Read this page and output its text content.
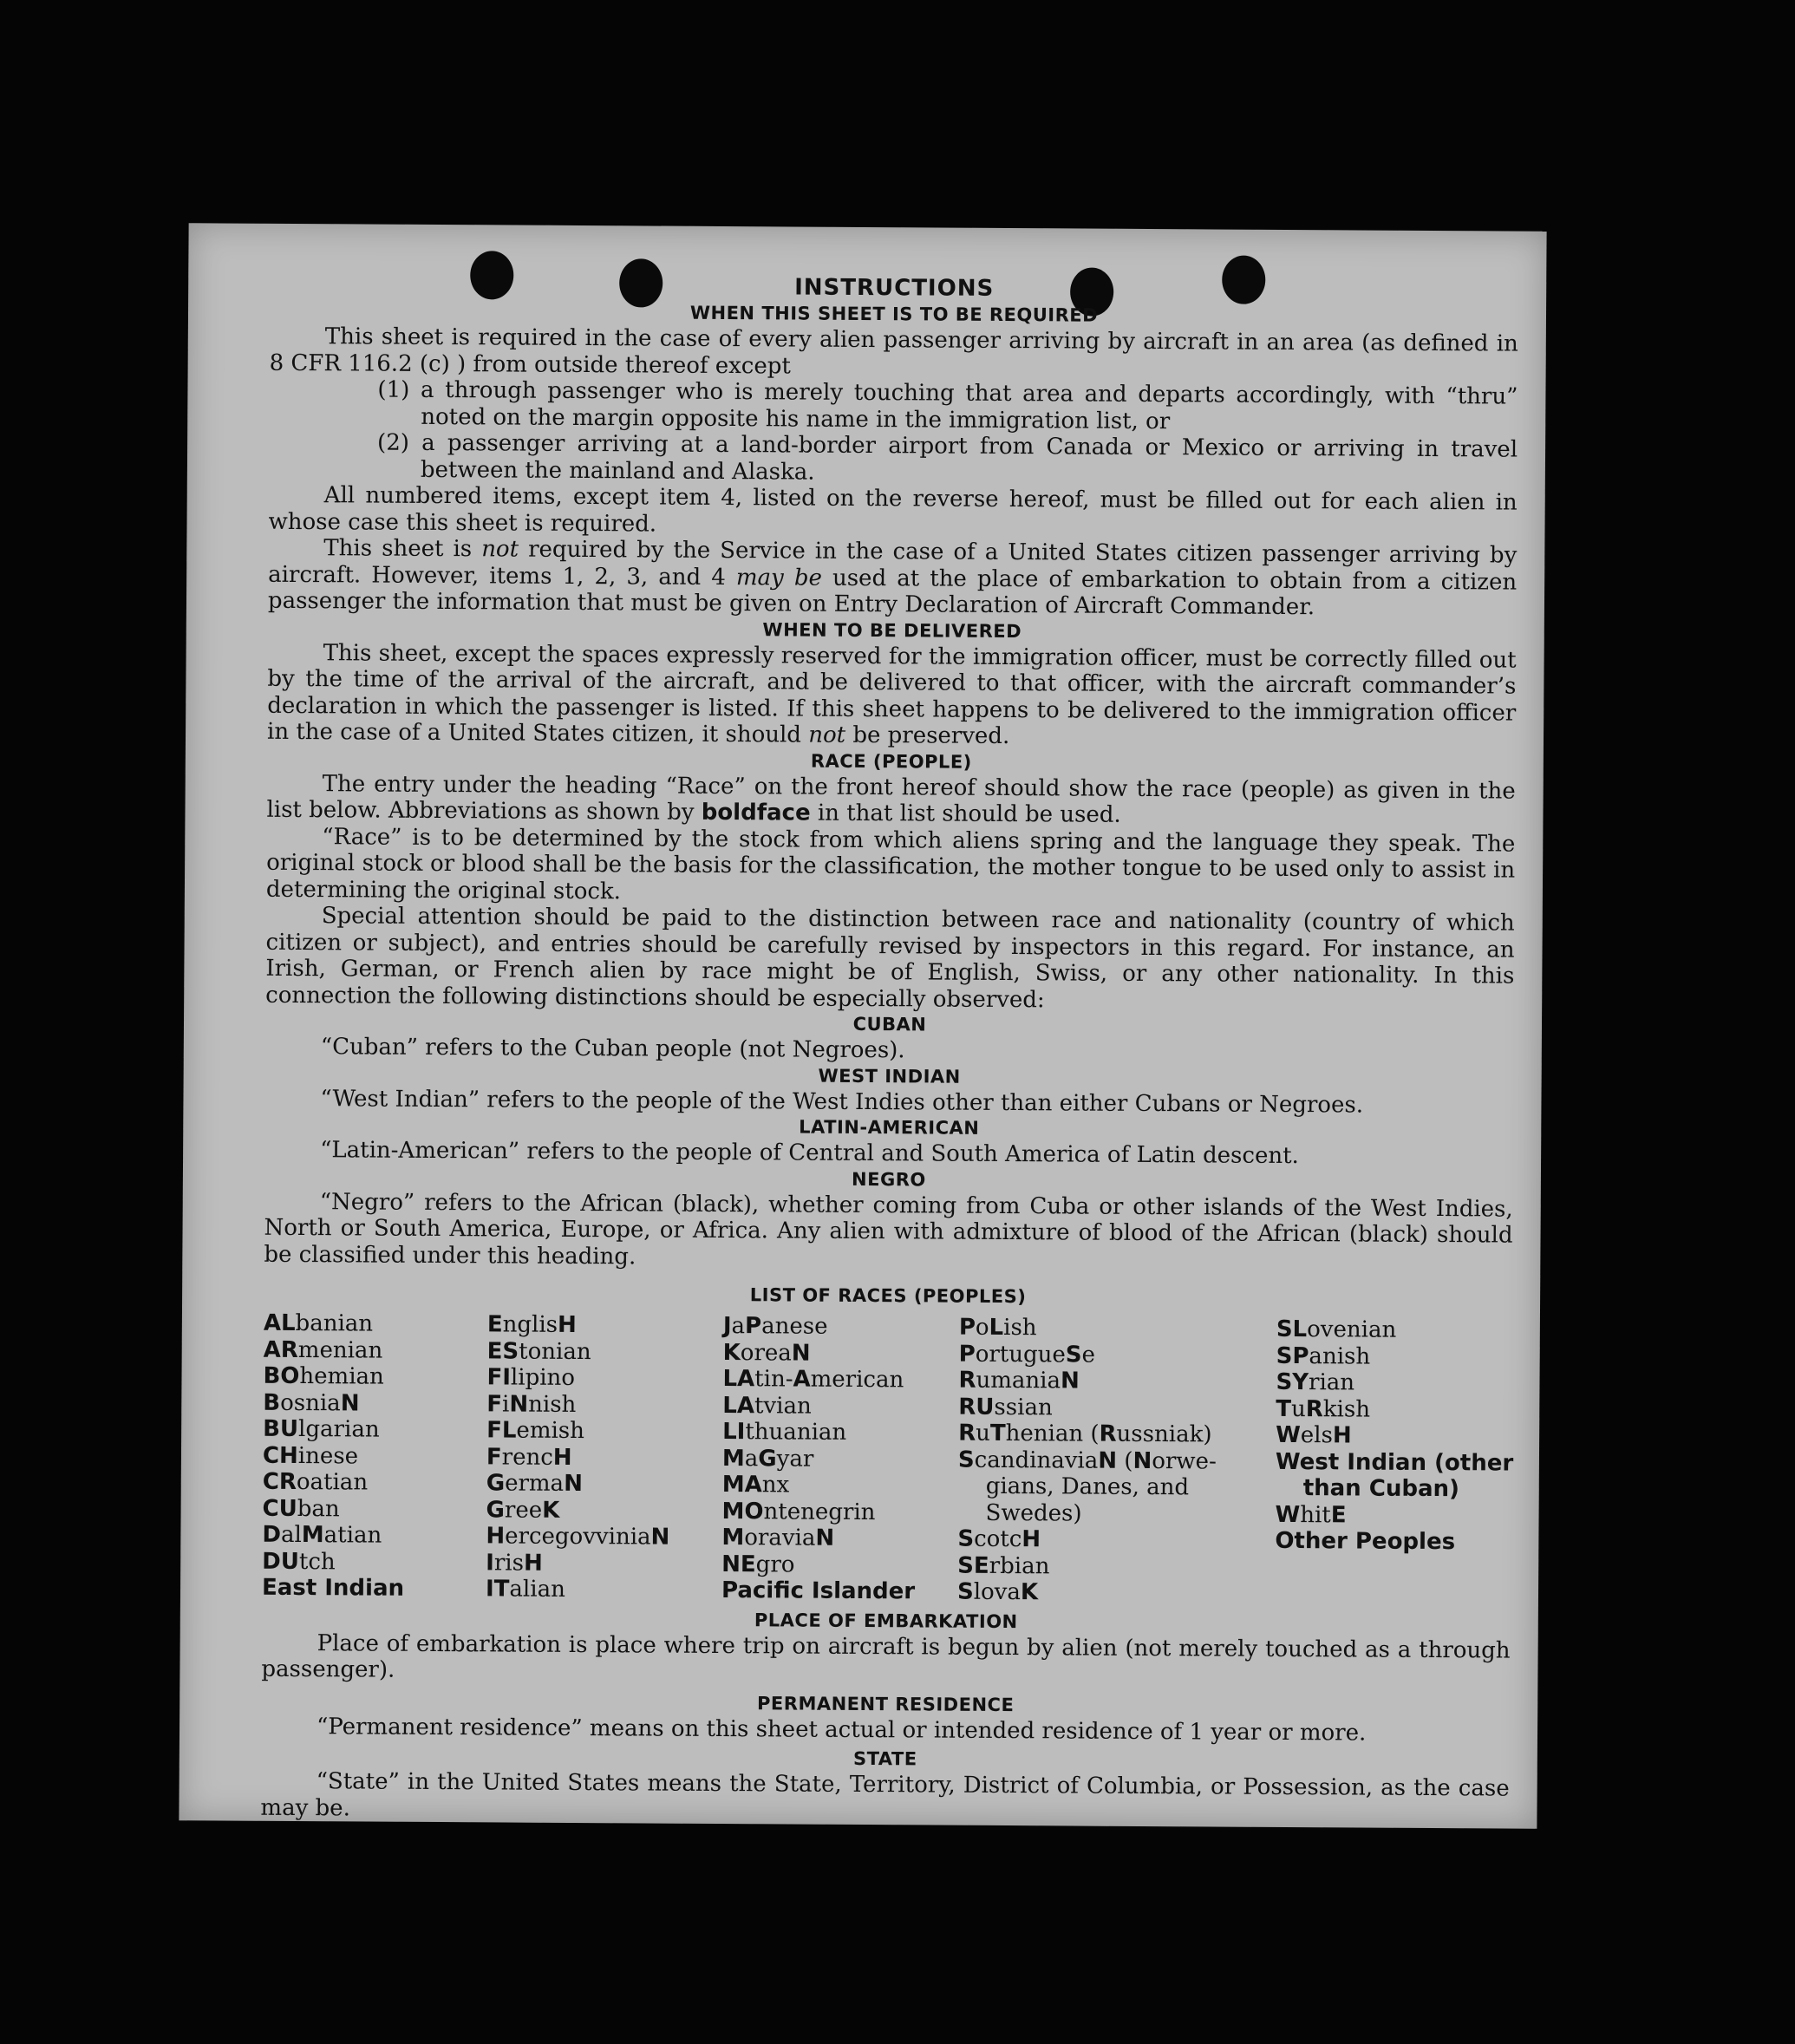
INSTRUCTIONS
WHEN THIS SHEET IS TO BE REQUIRED

This sheet is required in the case of every alien passenger arriving by aircraft in an area (as defined in 8 CFR 116.2 (c) ) from outside thereof except

(1) a through passenger who is merely touching that area and departs accordingly, with “thru” noted on the margin opposite his name in the immigration list, or
(2) a passenger arriving at a land-border airport from Canada or Mexico or arriving in travel between the mainland and Alaska.

All numbered items, except item 4, listed on the reverse hereof, must be filled out for each alien in whose case this sheet is required.

This sheet is not required by the Service in the case of a United States citizen passenger arriving by aircraft. However, items 1, 2, 3, and 4 may be used at the place of embarkation to obtain from a citizen passenger the information that must be given on Entry Declaration of Aircraft Commander.

WHEN TO BE DELIVERED

This sheet, except the spaces expressly reserved for the immigration officer, must be correctly filled out by the time of the arrival of the aircraft, and be delivered to that officer, with the aircraft commander’s declaration in which the passenger is listed. If this sheet happens to be delivered to the immigration officer in the case of a United States citizen, it should not be preserved.

RACE (PEOPLE)

The entry under the heading “Race” on the front hereof should show the race (people) as given in the list below. Abbreviations as shown by boldface in that list should be used.

“Race” is to be determined by the stock from which aliens spring and the language they speak. The original stock or blood shall be the basis for the classification, the mother tongue to be used only to assist in determining the original stock.

Special attention should be paid to the distinction between race and nationality (country of which citizen or subject), and entries should be carefully revised by inspectors in this regard. For instance, an Irish, German, or French alien by race might be of English, Swiss, or any other nationality. In this connection the following distinctions should be especially observed:

CUBAN

“Cuban” refers to the Cuban people (not Negroes).

WEST INDIAN

“West Indian” refers to the people of the West Indies other than either Cubans or Negroes.

LATIN-AMERICAN

“Latin-American” refers to the people of Central and South America of Latin descent.

NEGRO

“Negro” refers to the African (black), whether coming from Cuba or other islands of the West Indies, North or South America, Europe, or Africa. Any alien with admixture of blood of the African (black) should be classified under this heading.

LIST OF RACES (PEOPLES)
ALbanian
ARmenian
BOhemian
BosniaN
BUlgarian
CHinese
CRoatian
CUban
DalMatian
DUtch
East Indian
EnglisH
EStonian
FIlipino
FiNnish
FLemish
FrencH
GermaN
GreeK
HercegovviniaN
IrisH
ITalian
JaPanese
KoreaN
LAtin-American
LAtvian
LIthuanian
MaGyar
MAnx
MOntenegrin
MoraviaN
NEgro
Pacific Islander
PoLish
PortugueSe
RumaniaN
RUssian
RuThenian (Russniak)
ScandinaviaN (Norwe-
gians, Danes, and
Swedes)
ScotcH
SErbian
SlovaK
SLovenian
SPanish
SYrian
TuRkish
WelsH
West Indian (other
than Cuban)
WhitE
Other Peoples
PLACE OF EMBARKATION

Place of embarkation is place where trip on aircraft is begun by alien (not merely touched as a through passenger).

PERMANENT RESIDENCE

“Permanent residence” means on this sheet actual or intended residence of 1 year or more.

STATE

“State” in the United States means the State, Territory, District of Columbia, or Possession, as the case may be.
